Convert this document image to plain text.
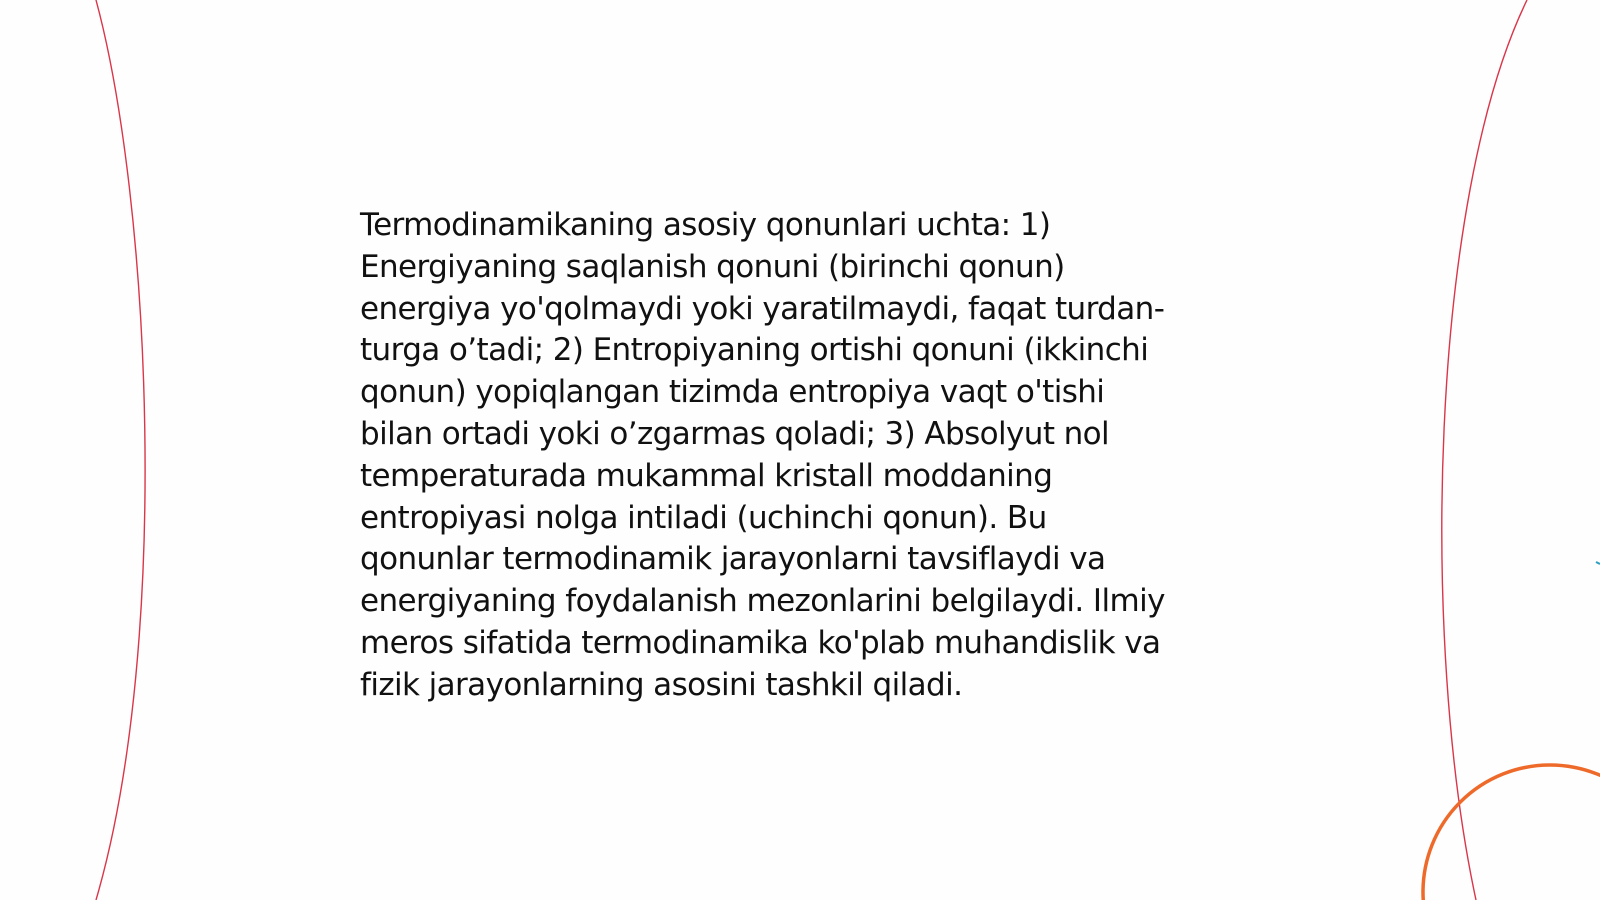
Termodinamikaning asosiy qonunlari uchta: 1)
Energiyaning saqlanish qonuni (birinchi qonun)
energiya yo'qolmaydi yoki yaratilmaydi, faqat turdan-
turga o’tadi; 2) Entropiyaning ortishi qonuni (ikkinchi
qonun) yopiqlangan tizimda entropiya vaqt o'tishi
bilan ortadi yoki o’zgarmas qoladi; 3) Absolyut nol
temperaturada mukammal kristall moddaning
entropiyasi nolga intiladi (uchinchi qonun). Bu
qonunlar termodinamik jarayonlarni tavsiflaydi va
energiyaning foydalanish mezonlarini belgilaydi. Ilmiy
meros sifatida termodinamika ko'plab muhandislik va
fizik jarayonlarning asosini tashkil qiladi.
